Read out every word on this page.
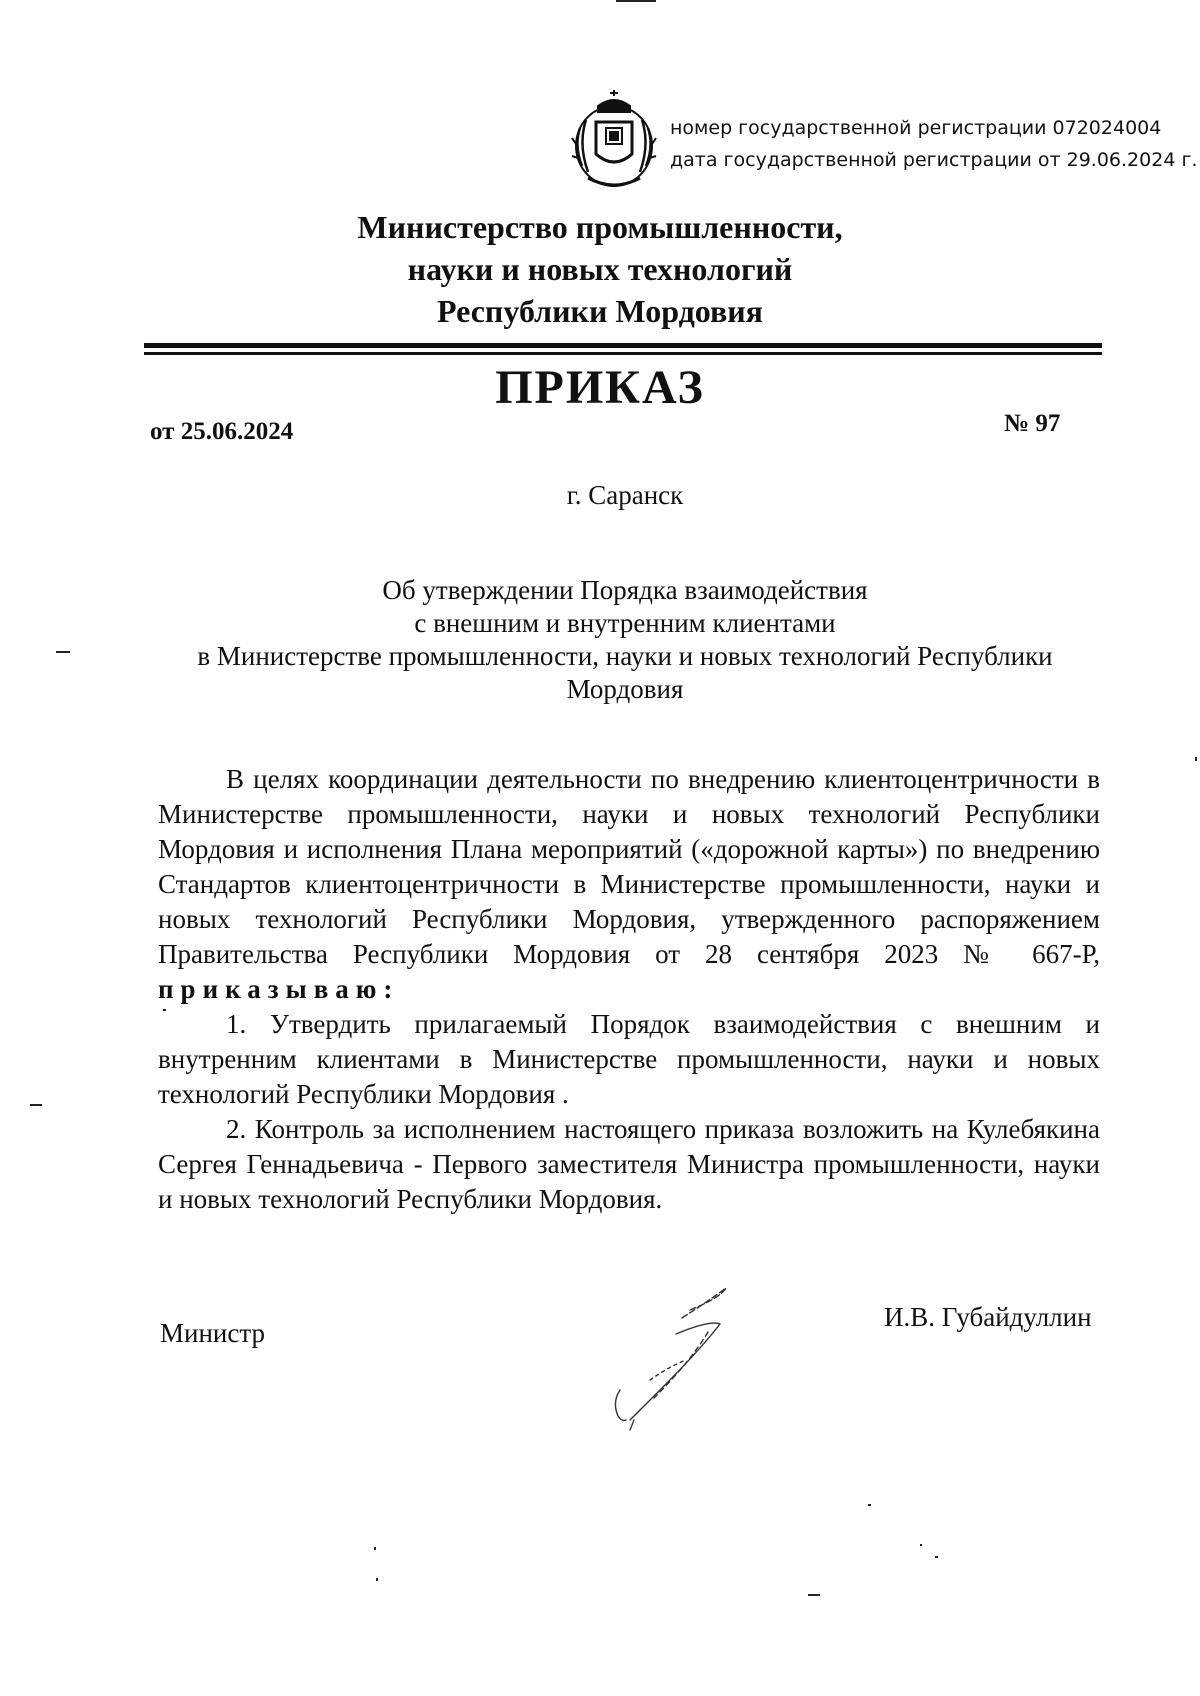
номер государственной регистрации 072024004
дата государственной регистрации от 29.06.2024 г.
Министерство промышленности,
науки и новых технологий
Республики Мордовия
ПРИКАЗ
от 25.06.2024	№ 97
г. Саранск
Об утверждении Порядка взаимодействия
с внешним и внутренним клиентами
в Министерстве промышленности, науки и новых технологий Республики
Мордовия

В целях координации деятельности по внедрению клиентоцентричности в Министерстве промышленности, науки и новых технологий Республики Мордовия и исполнения Плана мероприятий («дорожной карты») по внедрению Стандартов клиентоцентричности в Министерстве промышленности, науки и новых технологий Республики Мордовия, утвержденного распоряжением Правительства Республики Мордовия от 28 сентября 2023 № 667-Р, приказываю:

1. Утвердить прилагаемый Порядок взаимодействия с внешним и внутренним клиентами в Министерстве промышленности, науки и новых технологий Республики Мордовия .

2. Контроль за исполнением настоящего приказа возложить на Кулебякина Сергея Геннадьевича - Первого заместителя Министра промышленности, науки и новых технологий Республики Мордовия.

Министр
И.В. Губайдуллин
